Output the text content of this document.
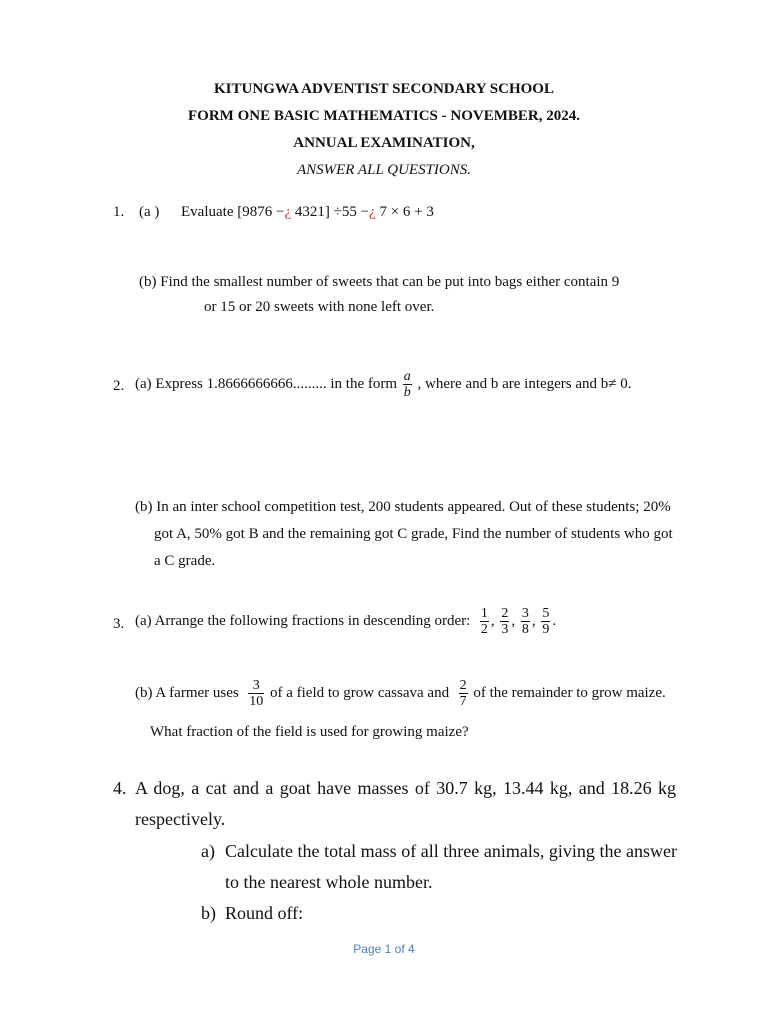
KITUNGWA ADVENTIST SECONDARY SCHOOL
FORM ONE BASIC MATHEMATICS - NOVEMBER, 2024.
ANNUAL EXAMINATION,
ANSWER ALL QUESTIONS.
1. (a ) Evaluate [9876 −¿ 4321] ÷55 −¿ 7 × 6 + 3
(b) Find the smallest number of sweets that can be put into bags either contain 9
or 15 or 20 sweets with none left over.
2. (a) Express 1.8666666666......... in the form $\frac{a}{b}$ , where and b are integers and b≠ 0.
(b) In an inter school competition test, 200 students appeared. Out of these students; 20%
got A, 50% got B and the remaining got C grade, Find the number of students who got
a C grade.
3. (a) Arrange the following fractions in descending order: $\frac{1}{2}$ , $\frac{2}{3}$ , $\frac{3}{8}$ , $\frac{5}{9}$ .
(b) A farmer uses $\frac{3}{10}$ of a field to grow cassava and $\frac{2}{7}$ of the remainder to grow maize.
What fraction of the field is used for growing maize?
4. A dog, a cat and a goat have masses of 30.7 kg, 13.44 kg, and 18.26 kg
respectively.
a) Calculate the total mass of all three animals, giving the answer
to the nearest whole number.
b) Round off:
Page 1 of 4
